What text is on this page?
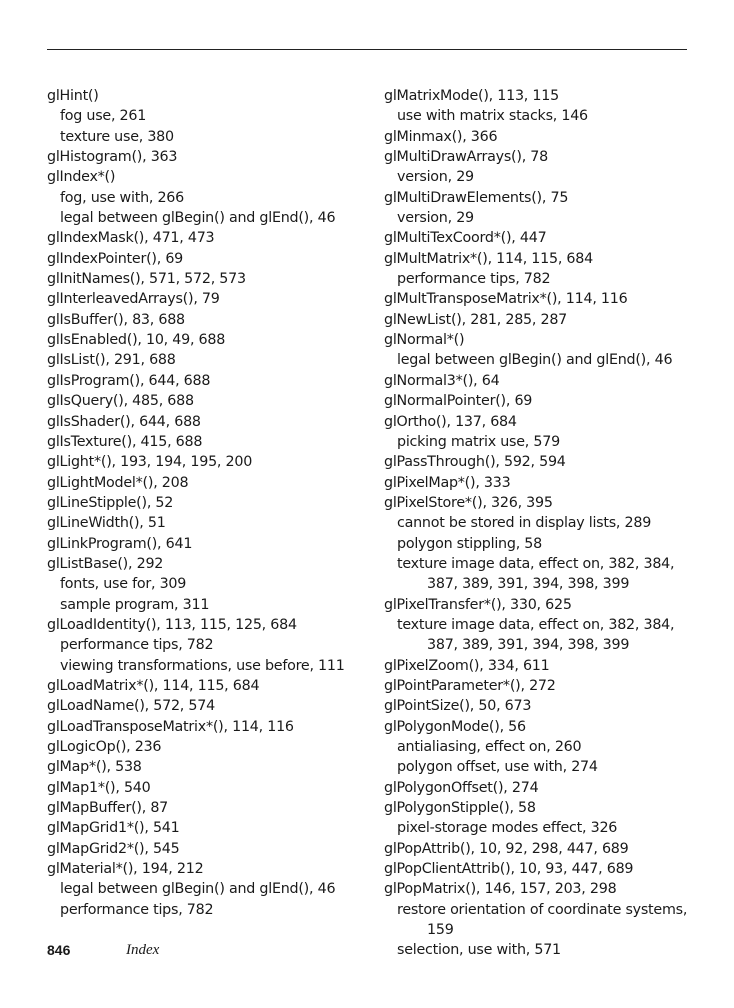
glHint()
fog use, 261
texture use, 380
glHistogram(), 363
glIndex*()
fog, use with, 266
legal between glBegin() and glEnd(), 46
glIndexMask(), 471, 473
glIndexPointer(), 69
glInitNames(), 571, 572, 573
glInterleavedArrays(), 79
glIsBuffer(), 83, 688
glIsEnabled(), 10, 49, 688
glIsList(), 291, 688
glIsProgram(), 644, 688
glIsQuery(), 485, 688
glIsShader(), 644, 688
glIsTexture(), 415, 688
glLight*(), 193, 194, 195, 200
glLightModel*(), 208
glLineStipple(), 52
glLineWidth(), 51
glLinkProgram(), 641
glListBase(), 292
fonts, use for, 309
sample program, 311
glLoadIdentity(), 113, 115, 125, 684
performance tips, 782
viewing transformations, use before, 111
glLoadMatrix*(), 114, 115, 684
glLoadName(), 572, 574
glLoadTransposeMatrix*(), 114, 116
glLogicOp(), 236
glMap*(), 538
glMap1*(), 540
glMapBuffer(), 87
glMapGrid1*(), 541
glMapGrid2*(), 545
glMaterial*(), 194, 212
legal between glBegin() and glEnd(), 46
performance tips, 782
glMatrixMode(), 113, 115
use with matrix stacks, 146
glMinmax(), 366
glMultiDrawArrays(), 78
version, 29
glMultiDrawElements(), 75
version, 29
glMultiTexCoord*(), 447
glMultMatrix*(), 114, 115, 684
performance tips, 782
glMultTransposeMatrix*(), 114, 116
glNewList(), 281, 285, 287
glNormal*()
legal between glBegin() and glEnd(), 46
glNormal3*(), 64
glNormalPointer(), 69
glOrtho(), 137, 684
picking matrix use, 579
glPassThrough(), 592, 594
glPixelMap*(), 333
glPixelStore*(), 326, 395
cannot be stored in display lists, 289
polygon stippling, 58
texture image data, effect on, 382, 384,
387, 389, 391, 394, 398, 399
glPixelTransfer*(), 330, 625
texture image data, effect on, 382, 384,
387, 389, 391, 394, 398, 399
glPixelZoom(), 334, 611
glPointParameter*(), 272
glPointSize(), 50, 673
glPolygonMode(), 56
antialiasing, effect on, 260
polygon offset, use with, 274
glPolygonOffset(), 274
glPolygonStipple(), 58
pixel-storage modes effect, 326
glPopAttrib(), 10, 92, 298, 447, 689
glPopClientAttrib(), 10, 93, 447, 689
glPopMatrix(), 146, 157, 203, 298
restore orientation of coordinate systems,
159
selection, use with, 571
846	Index
